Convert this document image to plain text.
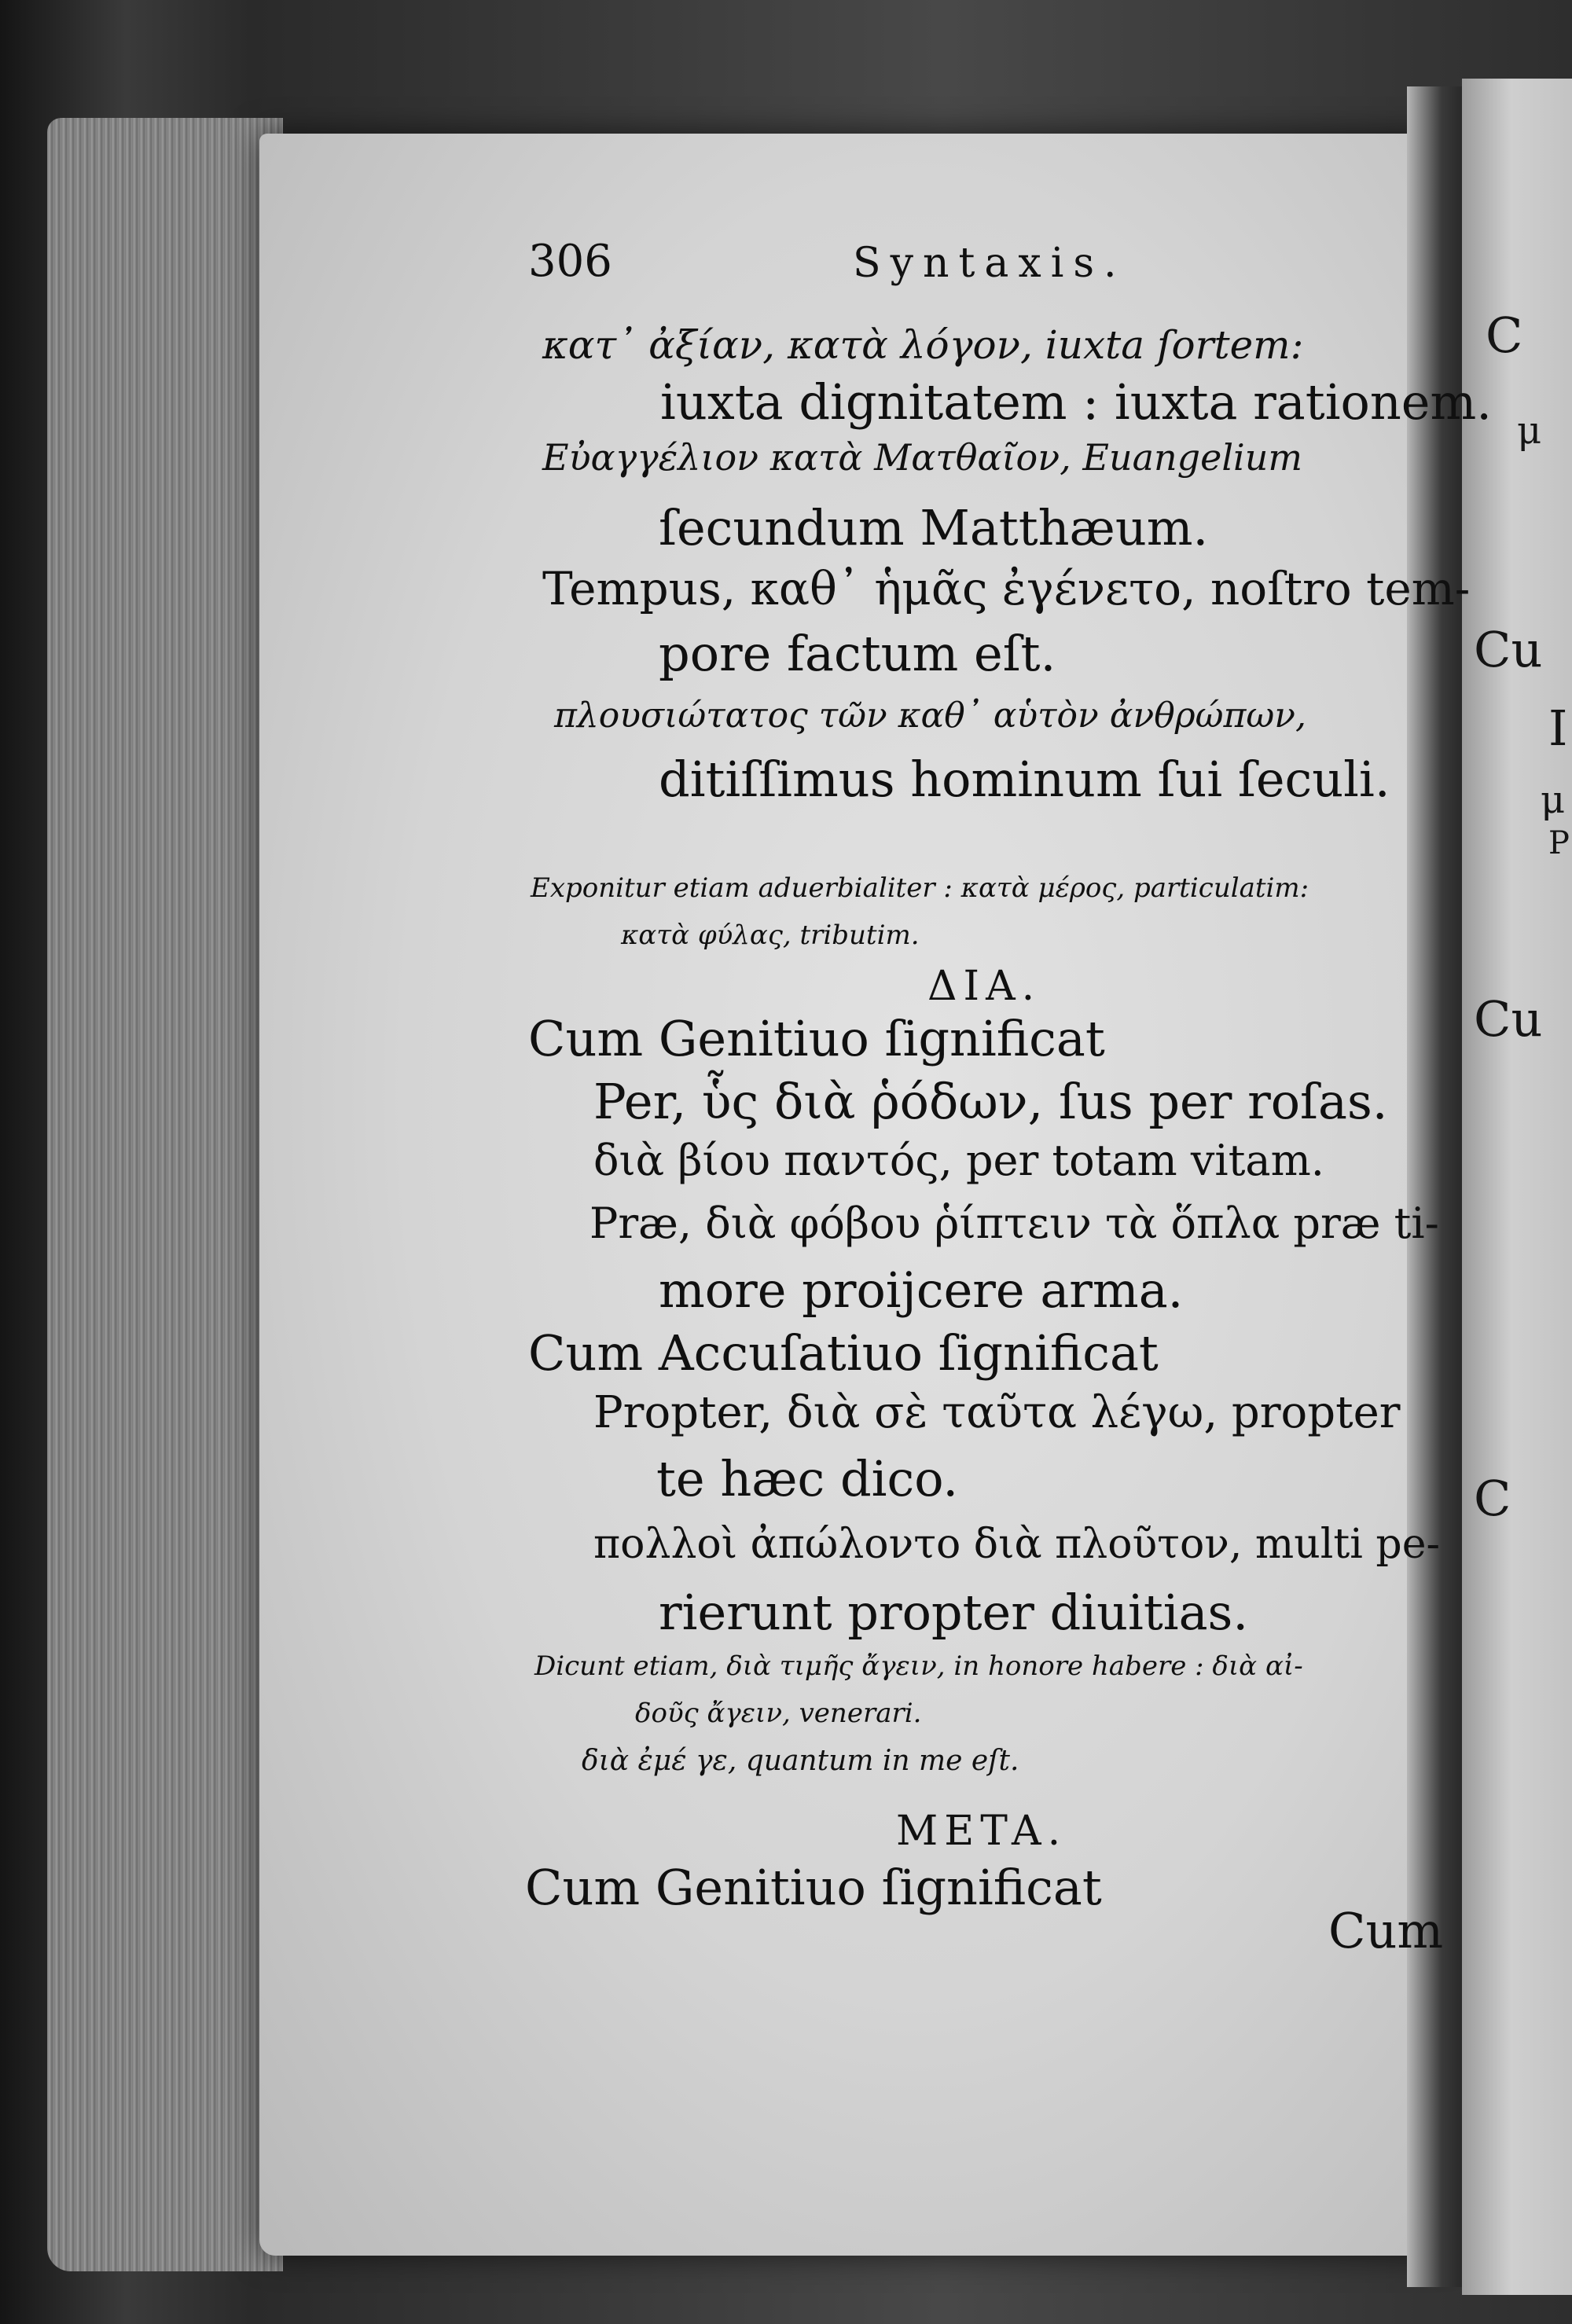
C
μ
Cu
I
μ
P
Cu
C
306	Syntaxis.
κατ᾽ ἀξίαν, κατὰ λόγον, iuxta ſortem:
iuxta dignitatem : iuxta rationem.
Εὐαγγέλιον κατὰ Ματθαῖον, Euangelium
ſecundum Matthæum.
Tempus, καθ᾽ ἡμᾶς ἐγένετο, noſtro tem-
pore factum eſt.
πλουσιώτατος τῶν καθ᾽ αὑτὸν ἀνθρώπων,
ditiſſimus hominum ſui ſeculi.
Exponitur etiam aduerbialiter : κατὰ μέρος, particulatim:
κατὰ φύλας, tributim.
ΔΙΑ.
Cum Genitiuo ſignificat
Per, ὗς διὰ ῥόδων, ſus per roſas.
διὰ βίου παντός, per totam vitam.
Præ, διὰ φόβου ῥίπτειν τὰ ὅπλα præ ti-
more proijcere arma.
Cum Accuſatiuo ſignificat
Propter, διὰ σὲ ταῦτα λέγω, propter
te hæc dico.
πολλοὶ ἀπώλοντο διὰ πλοῦτον, multi pe-
rierunt propter diuitias.
Dicunt etiam, διὰ τιμῆς ἄγειν, in honore habere : διὰ αἰ-
δοῦς ἄγειν, venerari.
διὰ ἐμέ γε, quantum in me eſt.
META.
Cum Genitiuo ſignificat
Cum
